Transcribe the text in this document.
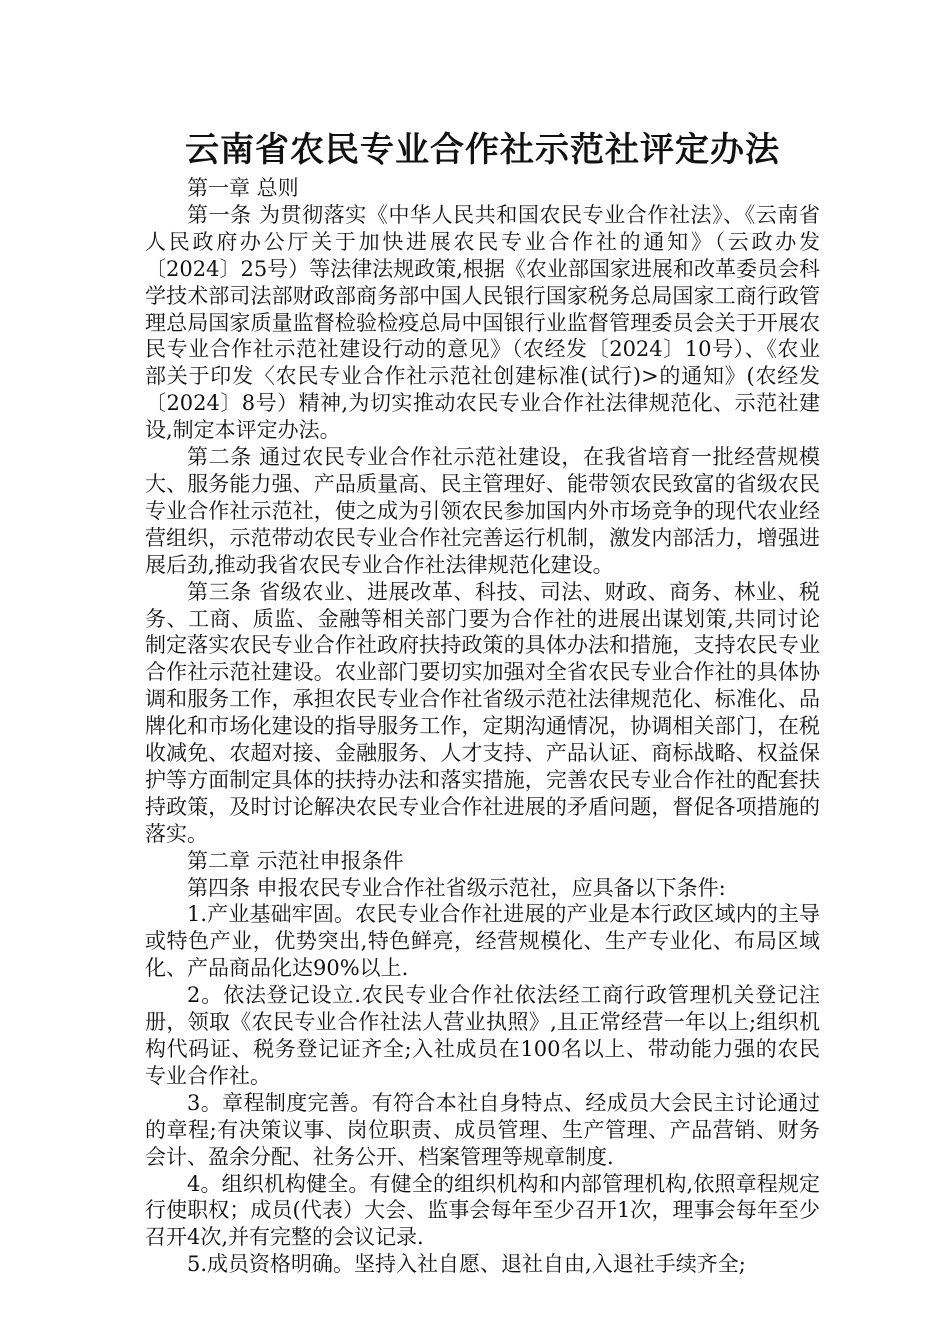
云南省农民专业合作社示范社评定办法

第一章 总则

第一条 为贯彻落实《中华人民共和国农民专业合作社法》、《云南省人民政府办公厅关于加快进展农民专业合作社的通知》（云政办发〔2024〕25号）等法律法规政策,根据《农业部国家进展和改革委员会科学技术部司法部财政部商务部中国人民银行国家税务总局国家工商行政管理总局国家质量监督检验检疫总局中国银行业监督管理委员会关于开展农民专业合作社示范社建设行动的意见》（农经发〔2024〕10号）、《农业部关于印发〈农民专业合作社示范社创建标准(试行)>的通知》(农经发〔2024〕8号）精神,为切实推动农民专业合作社法律规范化、示范社建设,制定本评定办法。

第二条 通过农民专业合作社示范社建设，在我省培育一批经营规模大、服务能力强、产品质量高、民主管理好、能带领农民致富的省级农民专业合作社示范社，使之成为引领农民参加国内外市场竞争的现代农业经营组织，示范带动农民专业合作社完善运行机制，激发内部活力，增强进展后劲,推动我省农民专业合作社法律规范化建设。

第三条 省级农业、进展改革、科技、司法、财政、商务、林业、税务、工商、质监、金融等相关部门要为合作社的进展出谋划策,共同讨论制定落实农民专业合作社政府扶持政策的具体办法和措施，支持农民专业合作社示范社建设。农业部门要切实加强对全省农民专业合作社的具体协调和服务工作，承担农民专业合作社省级示范社法律规范化、标准化、品牌化和市场化建设的指导服务工作，定期沟通情况，协调相关部门，在税收减免、农超对接、金融服务、人才支持、产品认证、商标战略、权益保护等方面制定具体的扶持办法和落实措施，完善农民专业合作社的配套扶持政策，及时讨论解决农民专业合作社进展的矛盾问题，督促各项措施的落实。

第二章 示范社申报条件

第四条 申报农民专业合作社省级示范社，应具备以下条件:

1.产业基础牢固。农民专业合作社进展的产业是本行政区域内的主导或特色产业，优势突出,特色鲜亮，经营规模化、生产专业化、布局区域化、产品商品化达90%以上.

2。依法登记设立.农民专业合作社依法经工商行政管理机关登记注册，领取《农民专业合作社法人营业执照》,且正常经营一年以上;组织机构代码证、税务登记证齐全;入社成员在100名以上、带动能力强的农民专业合作社。

3。章程制度完善。有符合本社自身特点、经成员大会民主讨论通过的章程;有决策议事、岗位职责、成员管理、生产管理、产品营销、财务会计、盈余分配、社务公开、档案管理等规章制度.

4。组织机构健全。有健全的组织机构和内部管理机构,依照章程规定行使职权；成员(代表）大会、监事会每年至少召开1次，理事会每年至少召开4次,并有完整的会议记录.

5.成员资格明确。坚持入社自愿、退社自由,入退社手续齐全;
